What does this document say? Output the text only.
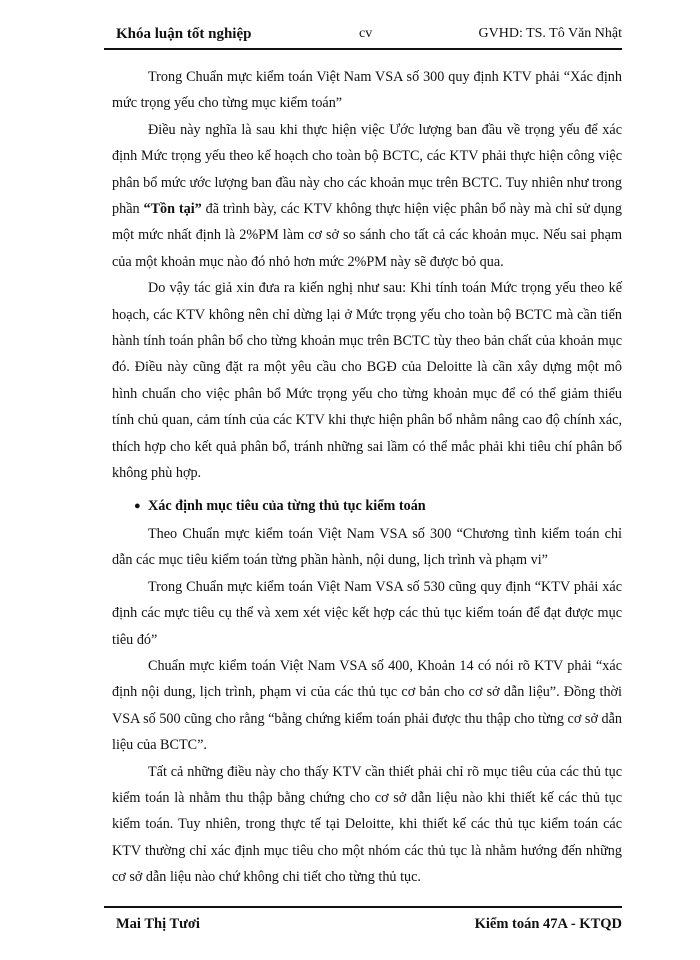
Khóa luận tốt nghiệp	cv	GVHD: TS. Tô Văn Nhật

Trong Chuẩn mực kiểm toán Việt Nam VSA số 300 quy định KTV phải “Xác định mức trọng yếu cho từng mục kiểm toán”

Điều này nghĩa là sau khi thực hiện việc Ước lượng ban đầu về trọng yếu để xác định Mức trọng yếu theo kế hoạch cho toàn bộ BCTC, các KTV phải thực hiện công việc phân bổ mức ước lượng ban đầu này cho các khoản mục trên BCTC. Tuy nhiên như trong phần “Tồn tại” đã trình bày, các KTV không thực hiện việc phân bổ này mà chỉ sử dụng một mức nhất định là 2%PM làm cơ sở so sánh cho tất cả các khoản mục. Nếu sai phạm của một khoản mục nào đó nhỏ hơn mức 2%PM này sẽ được bỏ qua.

Do vậy tác giả xin đưa ra kiến nghị như sau: Khi tính toán Mức trọng yếu theo kế hoạch, các KTV không nên chỉ dừng lại ở Mức trọng yếu cho toàn bộ BCTC mà cần tiến hành tính toán phân bổ cho từng khoản mục trên BCTC tùy theo bản chất của khoản mục đó. Điều này cũng đặt ra một yêu cầu cho BGĐ của Deloitte là cần xây dựng một mô hình chuẩn cho việc phân bổ Mức trọng yếu cho từng khoản mục để có thể giảm thiểu tính chủ quan, cảm tính của các KTV khi thực hiện phân bổ nhằm nâng cao độ chính xác, thích hợp cho kết quả phân bổ, tránh những sai lầm có thể mắc phải khi tiêu chí phân bổ không phù hợp.

● Xác định mục tiêu của từng thủ tục kiểm toán

Theo Chuẩn mực kiểm toán Việt Nam VSA số 300 “Chương tình kiểm toán chỉ dẫn các mục tiêu kiểm toán từng phần hành, nội dung, lịch trình và phạm vi”

Trong Chuẩn mực kiểm toán Việt Nam VSA số 530 cũng quy định “KTV phải xác định các mực tiêu cụ thể và xem xét việc kết hợp các thủ tục kiểm toán để đạt được mục tiêu đó”

Chuẩn mực kiểm toán Việt Nam VSA số 400, Khoản 14 có nói rõ KTV phải “xác định nội dung, lịch trình, phạm vi của các thủ tục cơ bản cho cơ sở dẫn liệu”. Đồng thời VSA số 500 cũng cho rằng “bằng chứng kiểm toán phải được thu thập cho từng cơ sở dẫn liệu của BCTC”.

Tất cả những điều này cho thấy KTV cần thiết phải chỉ rõ mục tiêu của các thủ tục kiểm toán là nhằm thu thập bằng chứng cho cơ sở dẫn liệu nào khi thiết kế các thủ tục kiểm toán. Tuy nhiên, trong thực tế tại Deloitte, khi thiết kế các thủ tục kiểm toán các KTV thường chỉ xác định mục tiêu cho một nhóm các thủ tục là nhằm hướng đến những cơ sở dẫn liệu nào chứ không chi tiết cho từng thủ tục.

Mai Thị Tươi	Kiểm toán 47A - KTQD
